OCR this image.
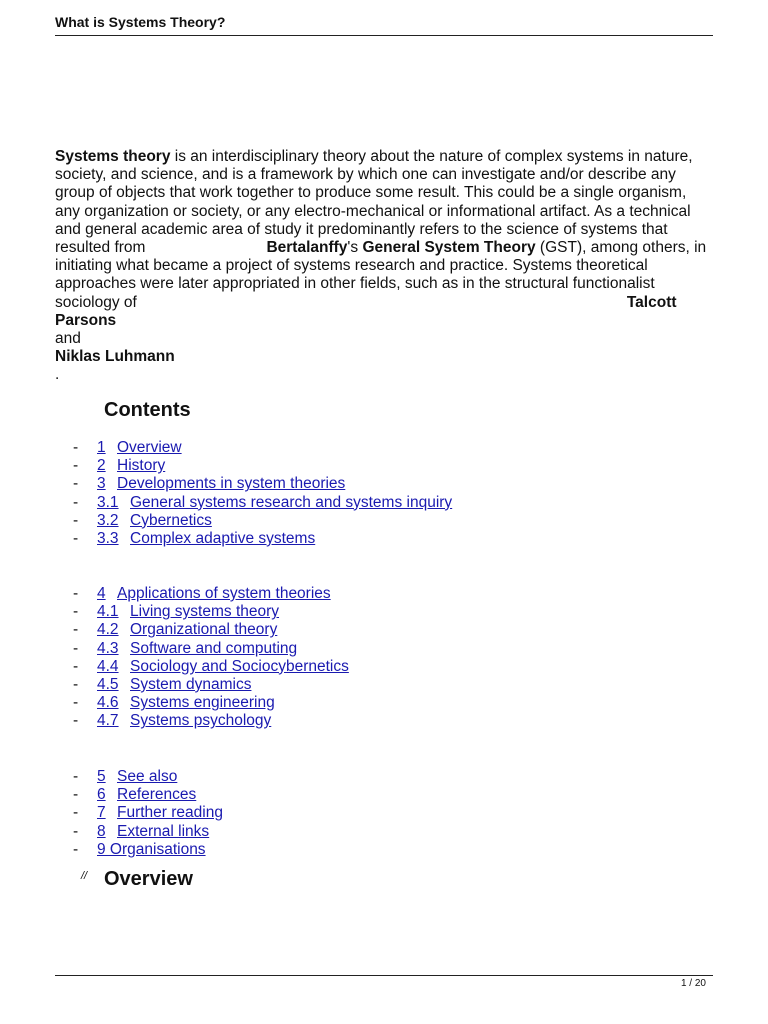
What is Systems Theory?
Systems theory is an interdisciplinary theory about the nature of complex systems in nature,
society, and science, and is a framework by which one can investigate and/or describe any
group of objects that work together to produce some result. This could be a single organism,
any organization or society, or any electro-mechanical or informational artifact. As a technical
and general academic area of study it predominantly refers to the science of systems that
resulted from	Bertalanffy's General System Theory (GST), among others, in
initiating what became a project of systems research and practice. Systems theoretical
approaches were later appropriated in other fields, such as in the structural functionalist
sociology of	Talcott
Parsons
and
Niklas Luhmann
.
Contents
- 1 Overview
- 2 History
- 3 Developments in system theories
- 3.1 General systems research and systems inquiry
- 3.2 Cybernetics
- 3.3 Complex adaptive systems
- 4 Applications of system theories
- 4.1 Living systems theory
- 4.2 Organizational theory
- 4.3 Software and computing
- 4.4 Sociology and Sociocybernetics
- 4.5 System dynamics
- 4.6 Systems engineering
- 4.7 Systems psychology
- 5 See also
- 6 References
- 7 Further reading
- 8 External links
- 9 Organisations
// Overview
1 / 20
